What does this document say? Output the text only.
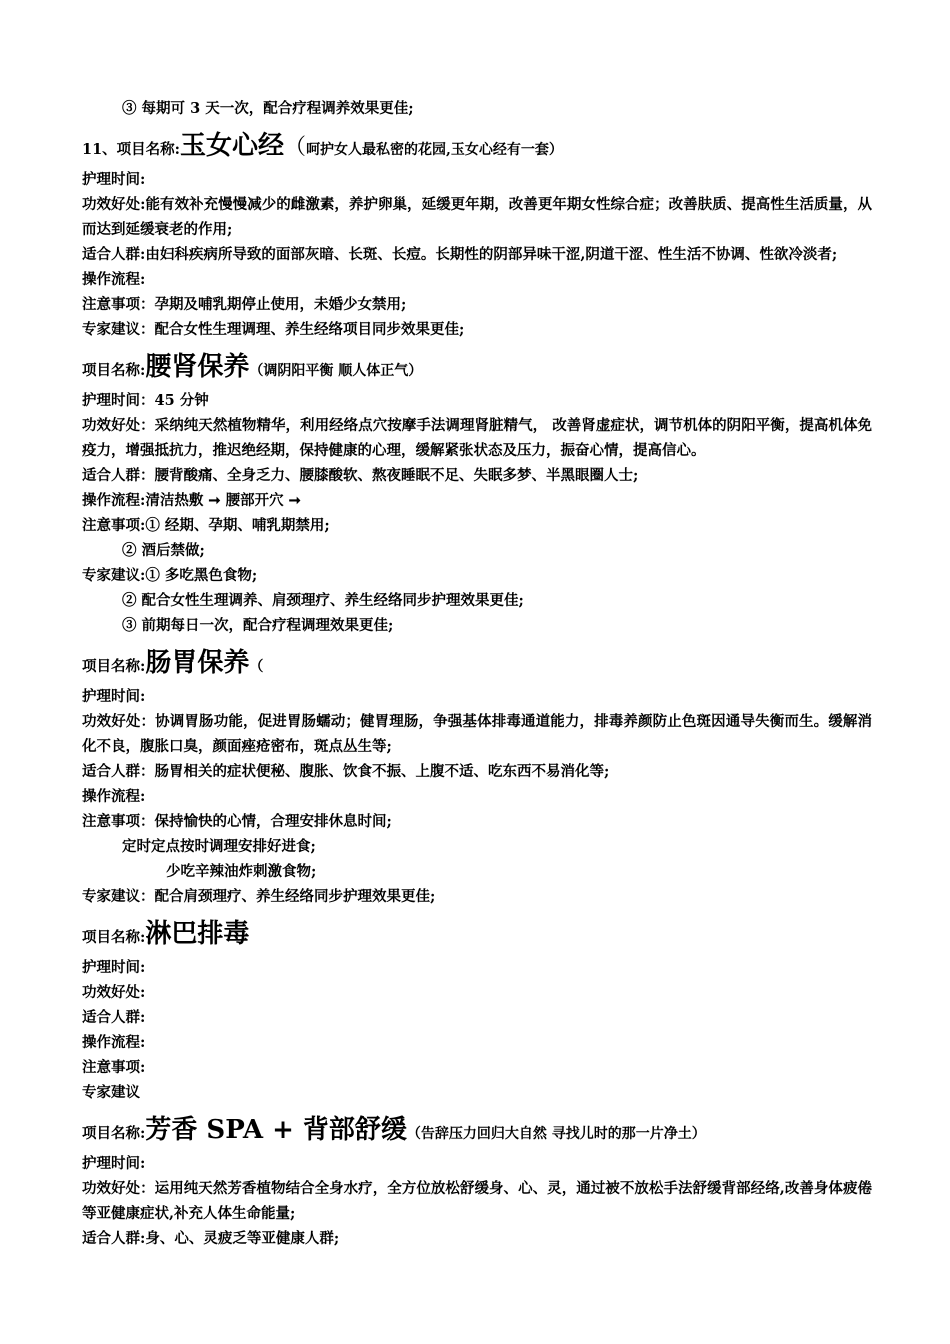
③ 每期可 3 天一次，配合疗程调养效果更佳;
11、项目名称: 玉女心经 （ 呵护女人最私密的花园,玉女心经有一套）
护理时间:
功效好处:能有效补充慢慢减少的雌激素，养护卵巢，延缓更年期，改善更年期女性综合症；改善肤质、提高性生活质量，从而达到延缓衰老的作用;
适合人群:由妇科疾病所导致的面部灰暗、长斑、长痘。长期性的阴部异味干涩,阴道干涩、性生活不协调、性欲冷淡者;
操作流程:
注意事项：孕期及哺乳期停止使用，未婚少女禁用;
专家建议：配合女性生理调理、养生经络项目同步效果更佳;
项目名称: 腰肾保养 （调阴阳平衡 顺人体正气）
护理时间：45 分钟
功效好处：采纳纯天然植物精华，利用经络点穴按摩手法调理肾脏精气， 改善肾虚症状，调节机体的阴阳平衡，提高机体免疫力，增强抵抗力，推迟绝经期，保持健康的心理，缓解紧张状态及压力，振奋心情，提高信心。
适合人群：腰背酸痛、全身乏力、腰膝酸软、熬夜睡眠不足、失眠多梦、半黑眼圈人士;
操作流程:清洁热敷 ➞ 腰部开穴 ➞
注意事项:① 经期、孕期、哺乳期禁用;
② 酒后禁做;
专家建议:① 多吃黑色食物;
② 配合女性生理调养、肩颈理疗、养生经络同步护理效果更佳;
③ 前期每日一次，配合疗程调理效果更佳;
项目名称: 肠胃保养 （
护理时间:
功效好处：协调胃肠功能，促进胃肠蠕动；健胃理肠，争强基体排毒通道能力，排毒养颜防止色斑因通导失衡而生。缓解消化不良，腹胀口臭，颜面痤疮密布，斑点丛生等;
适合人群：肠胃相关的症状便秘、腹胀、饮食不振、上腹不适、吃东西不易消化等;
操作流程:
注意事项：保持愉快的心情，合理安排休息时间;
定时定点按时调理安排好进食;
少吃辛辣油炸刺激食物;
专家建议：配合肩颈理疗、养生经络同步护理效果更佳;
项目名称: 淋巴排毒
护理时间:
功效好处:
适合人群:
操作流程:
注意事项:
专家建议
项目名称: 芳香 SPA + 背部舒缓 （告辞压力回归大自然 寻找儿时的那一片净土）
护理时间:
功效好处：运用纯天然芳香植物结合全身水疗，全方位放松舒缓身、心、灵，通过被不放松手法舒缓背部经络,改善身体疲倦等亚健康症状,补充人体生命能量;
适合人群:身、心、灵疲乏等亚健康人群;
